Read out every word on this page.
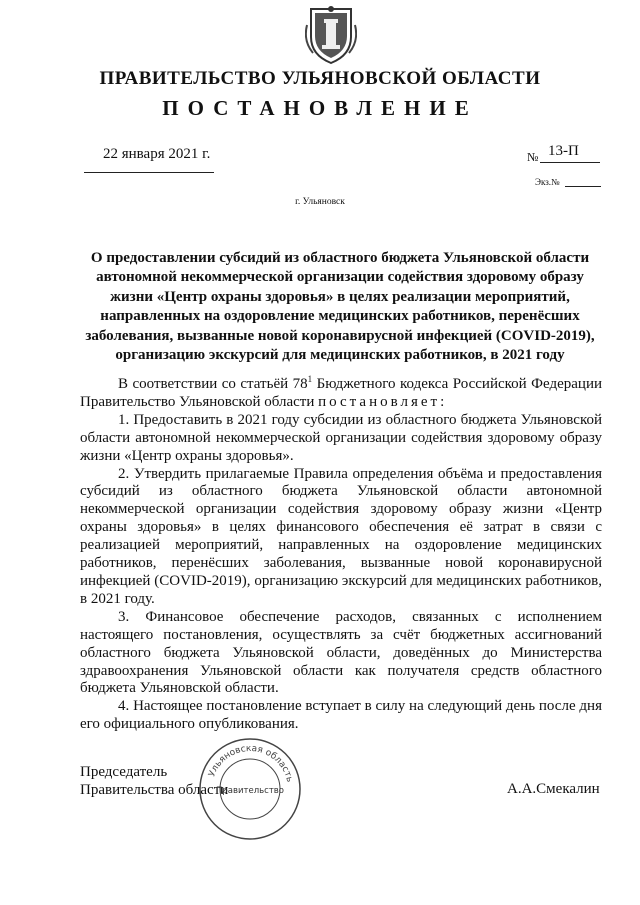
ПРАВИТЕЛЬСТВО УЛЬЯНОВСКОЙ ОБЛАСТИ
ПОСТАНОВЛЕНИЕ
22 января 2021 г.	№ 13-П
Экз.№
г. Ульяновск
О предоставлении субсидий из областного бюджета Ульяновской области автономной некоммерческой организации содействия здоровому образу жизни «Центр охраны здоровья» в целях реализации мероприятий, направленных на оздоровление медицинских работников, перенёсших заболевания, вызванные новой коронавирусной инфекцией (COVID-2019), организацию экскурсий для медицинских работников, в 2021 году

В соответствии со статьёй $78^1$ Бюджетного кодекса Российской Федерации Правительство Ульяновской области постановляет:

1. Предоставить в 2021 году субсидии из областного бюджета Ульяновской области автономной некоммерческой организации содействия здоровому образу жизни «Центр охраны здоровья».

2. Утвердить прилагаемые Правила определения объёма и предоставления субсидий из областного бюджета Ульяновской области автономной некоммерческой организации содействия здоровому образу жизни «Центр охраны здоровья» в целях финансового обеспечения её затрат в связи с реализацией мероприятий, направленных на оздоровление медицинских работников, перенёсших заболевания, вызванные новой коронавирусной инфекцией (COVID-2019), организацию экскурсий для медицинских работников, в 2021 году.

3. Финансовое обеспечение расходов, связанных с исполнением настоящего постановления, осуществлять за счёт бюджетных ассигнований областного бюджета Ульяновской области, доведённых до Министерства здравоохранения Ульяновской области как получателя средств областного бюджета Ульяновской области.

4. Настоящее постановление вступает в силу на следующий день после дня его официального опубликования.

Председатель
Правительства области	А.А.Смекалин
Ульяновская область
Правительство
